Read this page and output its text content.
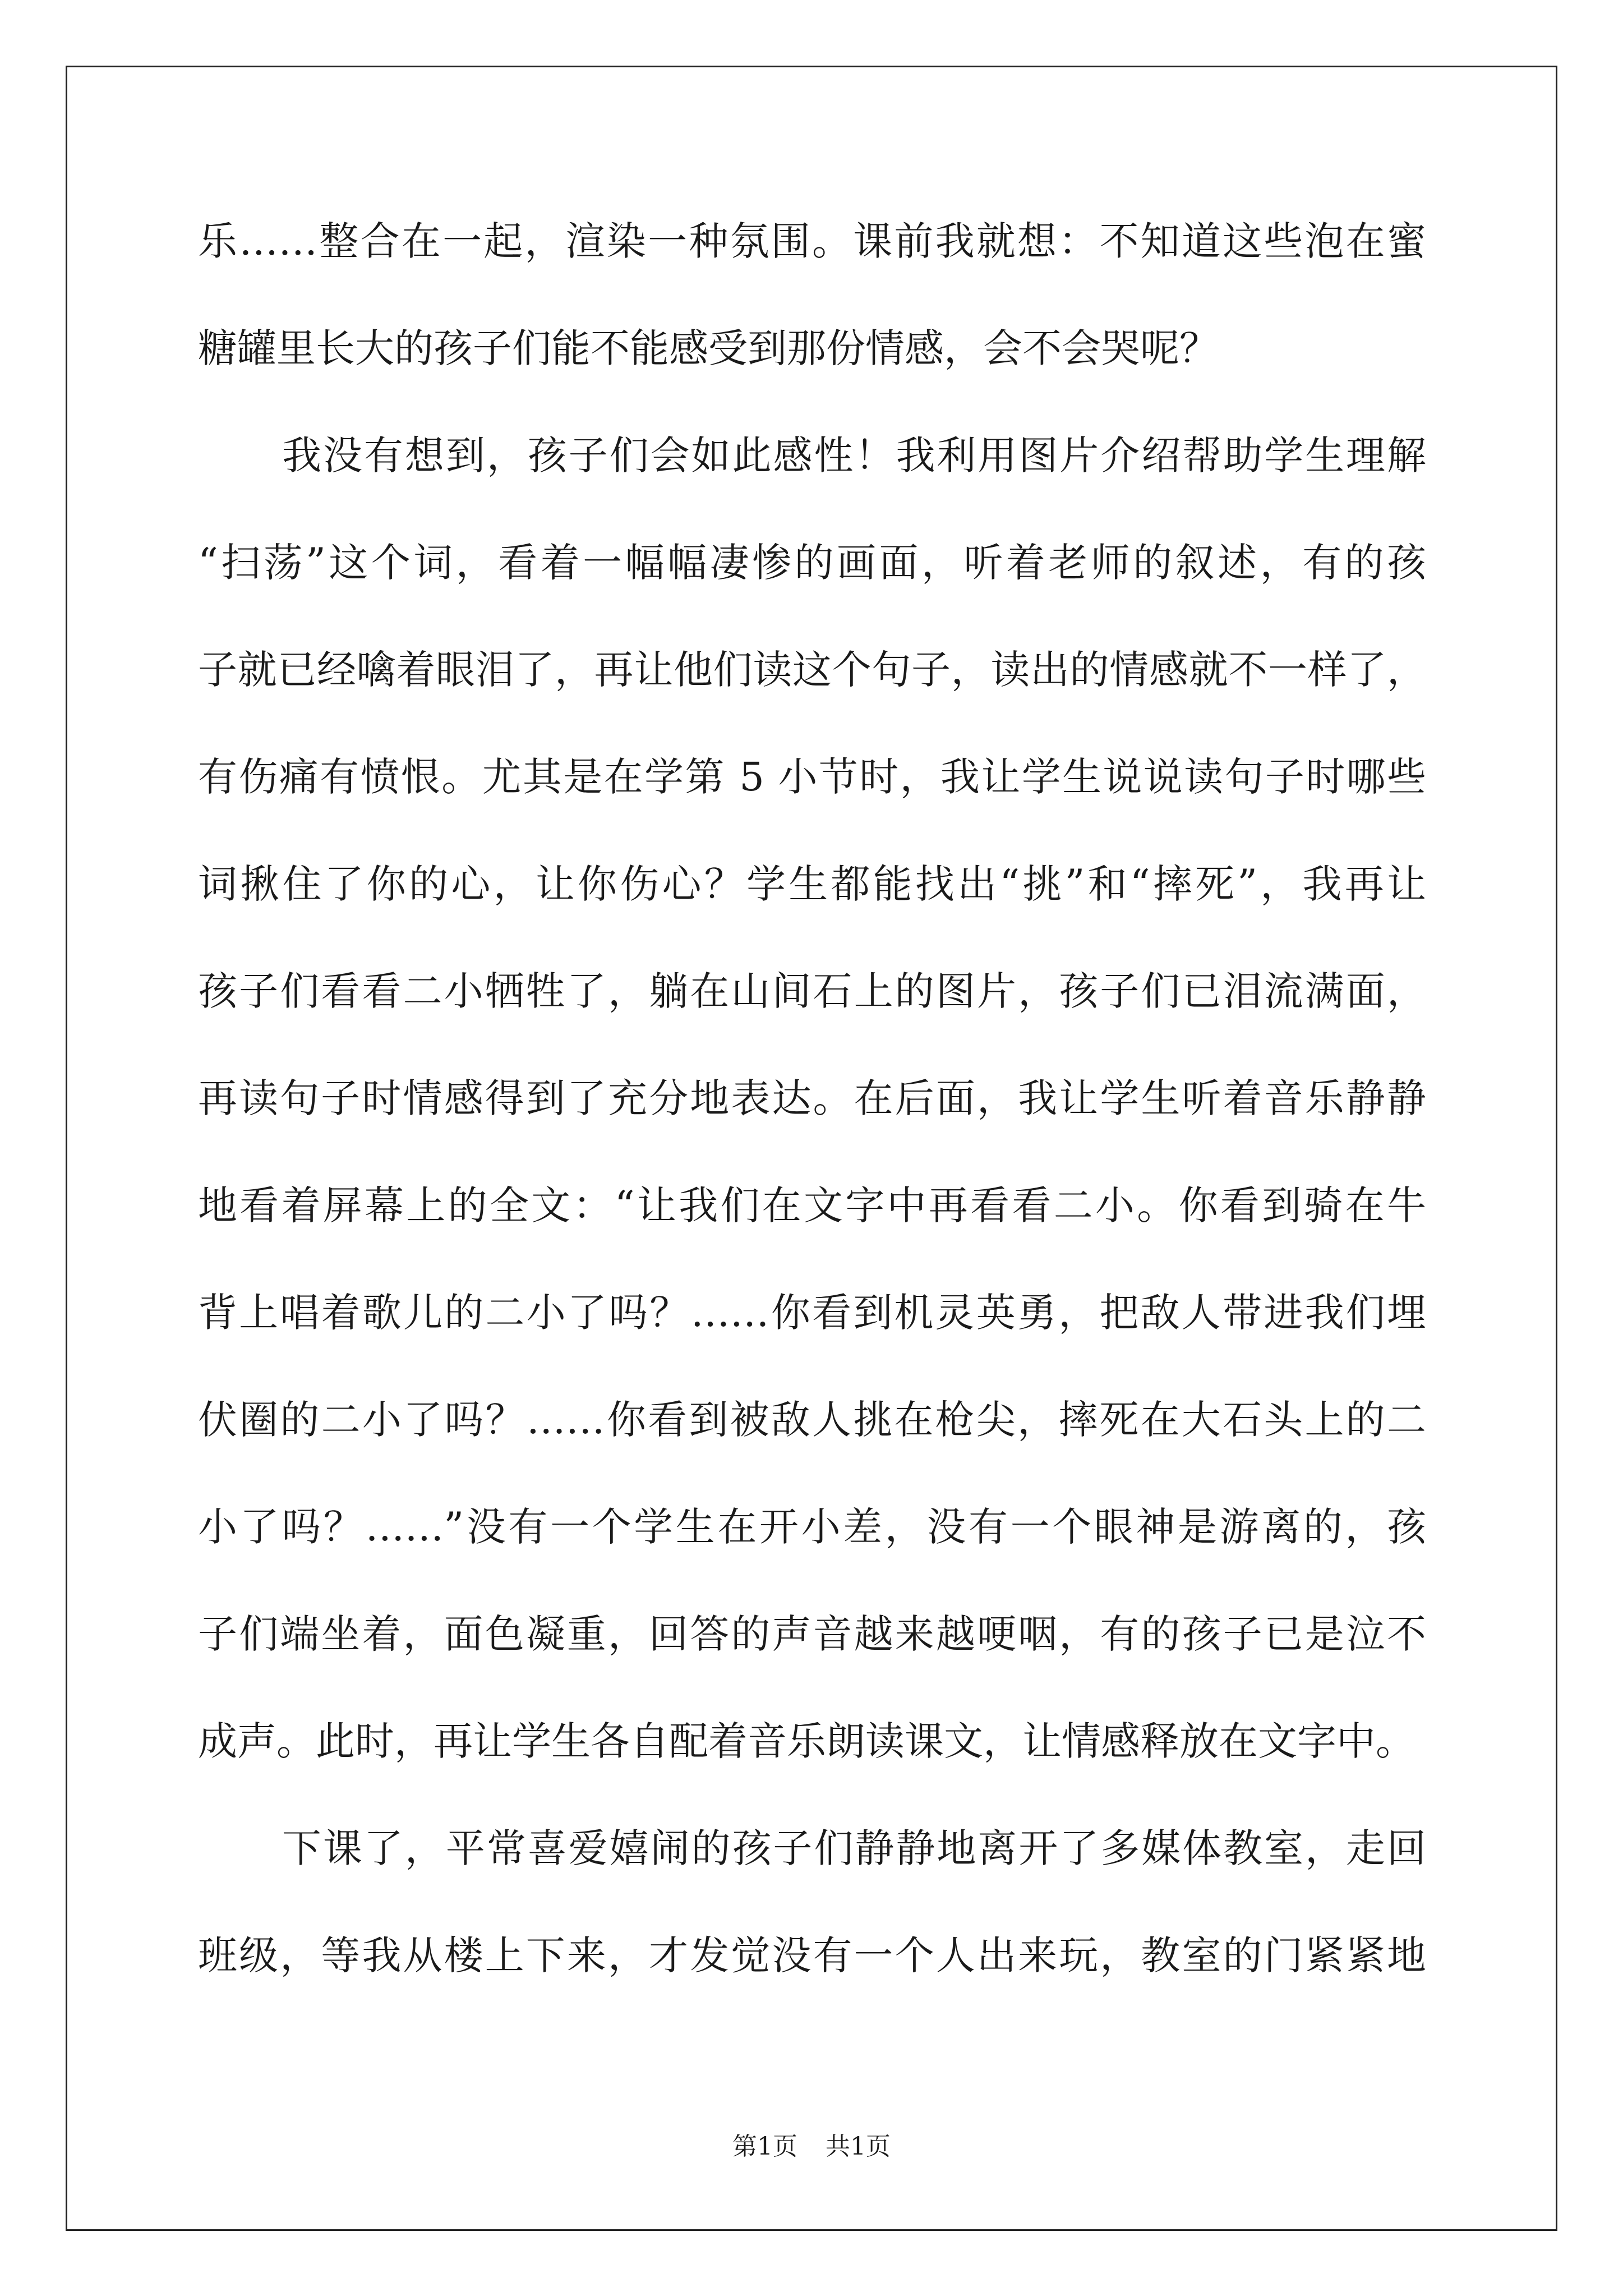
乐……整合在一起，渲染一种氛围。课前我就想：不知道这些泡在蜜
糖罐里长大的孩子们能不能感受到那份情感，会不会哭呢？
我没有想到，孩子们会如此感性！我利用图片介绍帮助学生理解
“扫荡”这个词，看着一幅幅凄惨的画面，听着老师的叙述，有的孩
子就已经噙着眼泪了，再让他们读这个句子，读出的情感就不一样了，
有伤痛有愤恨。尤其是在学第 5 小节时，我让学生说说读句子时哪些
词揪住了你的心，让你伤心？学生都能找出“挑”和“摔死”，我再让
孩子们看看二小牺牲了，躺在山间石上的图片，孩子们已泪流满面，
再读句子时情感得到了充分地表达。在后面，我让学生听着音乐静静
地看着屏幕上的全文：“让我们在文字中再看看二小。你看到骑在牛
背上唱着歌儿的二小了吗？……你看到机灵英勇，把敌人带进我们埋
伏圈的二小了吗？……你看到被敌人挑在枪尖，摔死在大石头上的二
小了吗？……”没有一个学生在开小差，没有一个眼神是游离的，孩
子们端坐着，面色凝重，回答的声音越来越哽咽，有的孩子已是泣不
成声。此时，再让学生各自配着音乐朗读课文，让情感释放在文字中。
下课了，平常喜爱嬉闹的孩子们静静地离开了多媒体教室，走回
班级，等我从楼上下来，才发觉没有一个人出来玩，教室的门紧紧地
第1页 共1页
